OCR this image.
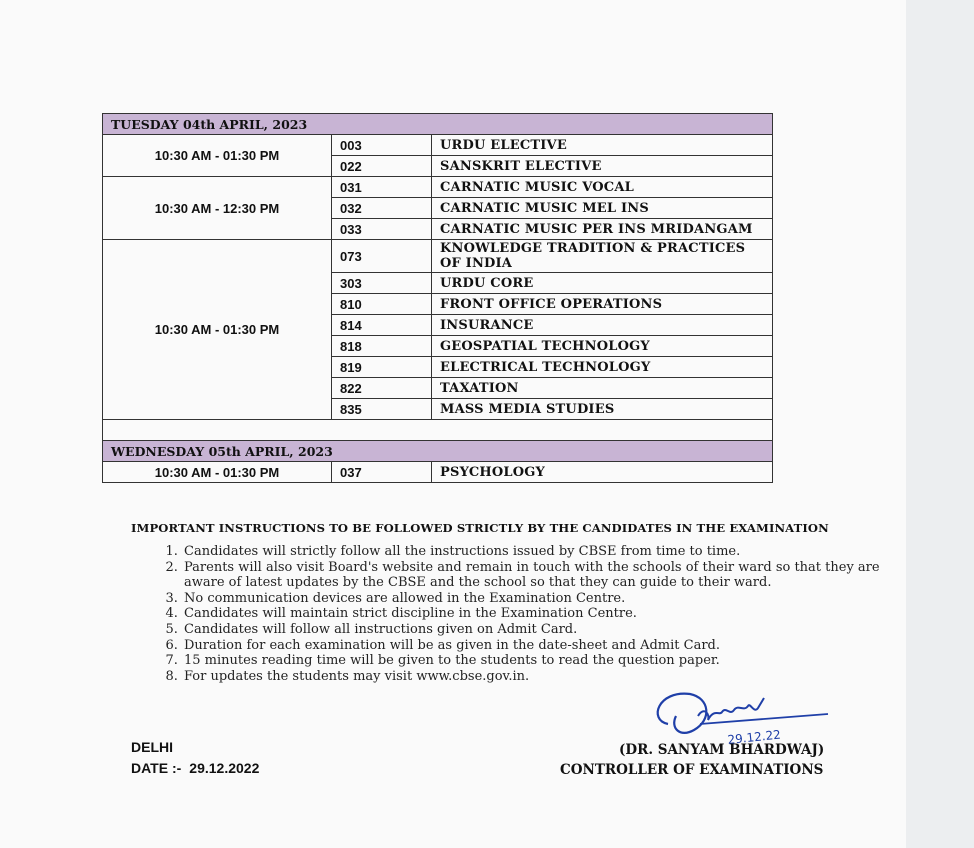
TUESDAY 04th APRIL, 2023		
10:30 AM - 01:30 PM	003	URDU ELECTIVE
	022	SANSKRIT ELECTIVE
10:30 AM - 12:30 PM	031	CARNATIC MUSIC VOCAL
	032	CARNATIC MUSIC MEL INS
	033	CARNATIC MUSIC PER INS MRIDANGAM
10:30 AM - 01:30 PM	073	KNOWLEDGE TRADITION & PRACTICES OF INDIA
	303	URDU CORE
	810	FRONT OFFICE OPERATIONS
	814	INSURANCE
	818	GEOSPATIAL TECHNOLOGY
	819	ELECTRICAL TECHNOLOGY
	822	TAXATION
	835	MASS MEDIA STUDIES

WEDNESDAY 05th APRIL, 2023		
10:30 AM - 01:30 PM	037	PSYCHOLOGY
IMPORTANT INSTRUCTIONS TO BE FOLLOWED STRICTLY BY THE CANDIDATES IN THE EXAMINATION
1. Candidates will strictly follow all the instructions issued by CBSE from time to time.
2. Parents will also visit Board's website and remain in touch with the schools of their ward so that they are aware of latest updates by the CBSE and the school so that they can guide to their ward.
3. No communication devices are allowed in the Examination Centre.
4. Candidates will maintain strict discipline in the Examination Centre.
5. Candidates will follow all instructions given on Admit Card.
6. Duration for each examination will be as given in the date-sheet and Admit Card.
7. 15 minutes reading time will be given to the students to read the question paper.
8. For updates the students may visit www.cbse.gov.in.
29.12.22
DELHI
DATE :- 29.12.2022
(DR. SANYAM BHARDWAJ)
CONTROLLER OF EXAMINATIONS
